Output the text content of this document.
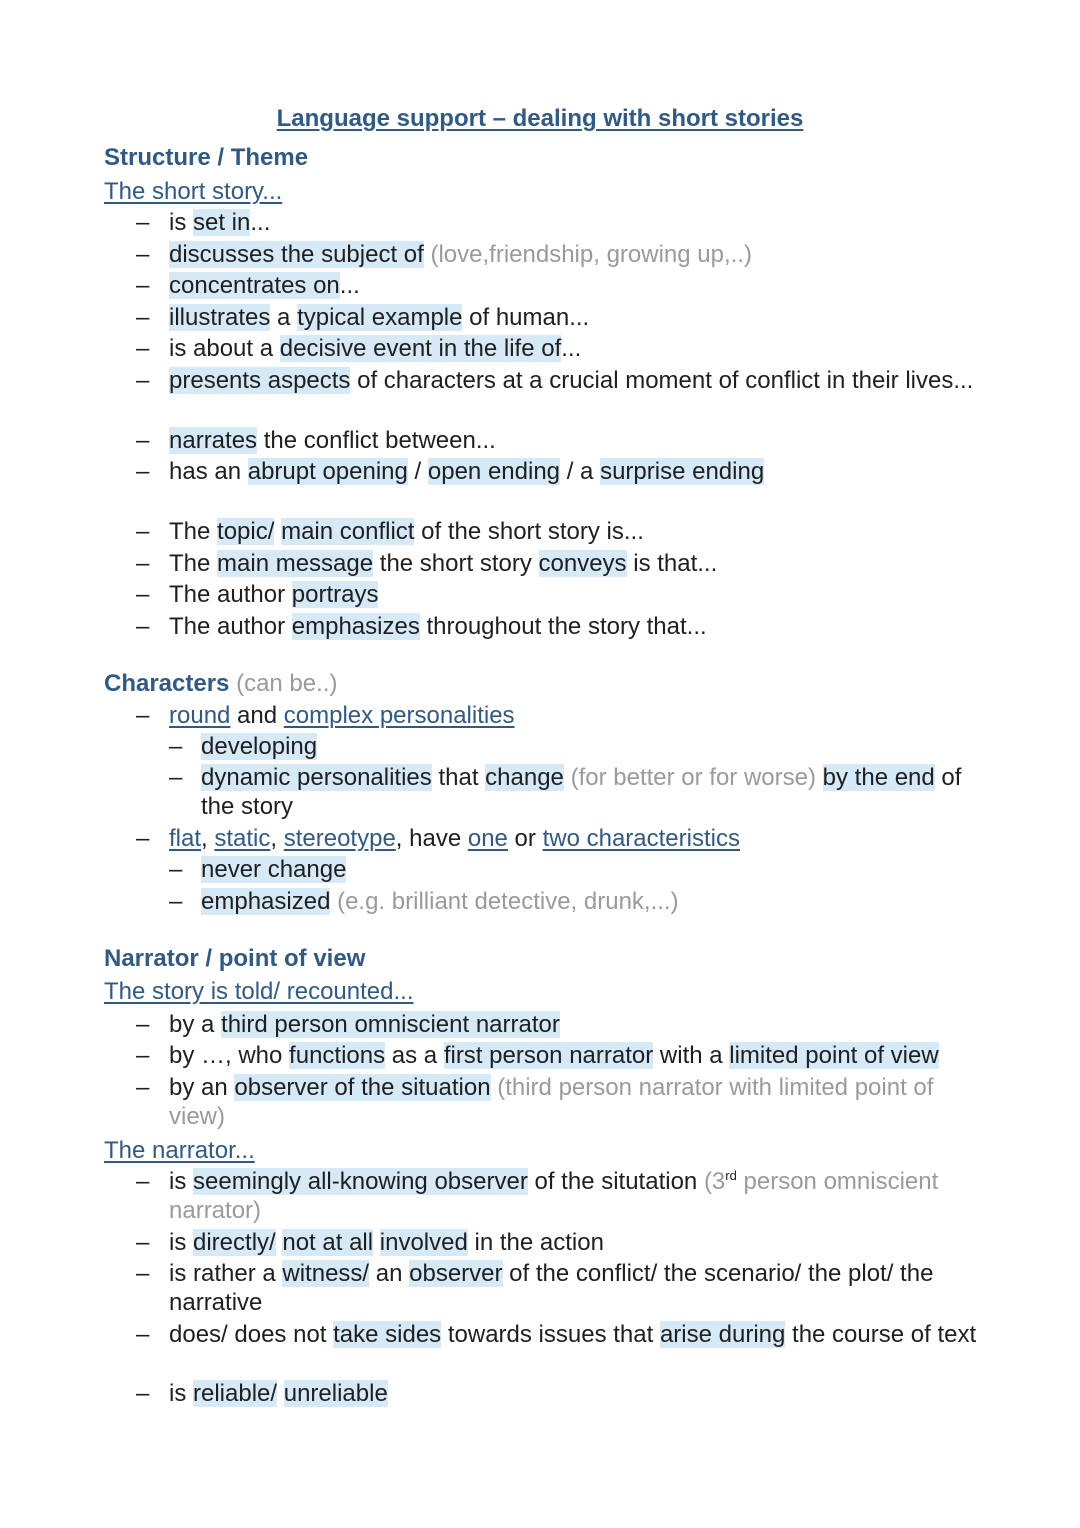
Language support – dealing with short stories
Structure / Theme
The short story...
– is set in...
– discusses the subject of (love,friendship, growing up,..)
– concentrates on...
– illustrates a typical example of human...
– is about a decisive event in the life of...
– presents aspects of characters at a crucial moment of conflict in their lives...
– narrates the conflict between...
– has an abrupt opening / open ending / a surprise ending
– The topic/ main conflict of the short story is...
– The main message the short story conveys is that...
– The author portrays
– The author emphasizes throughout the story that...
Characters (can be..)
– round and complex personalities
– developing
– dynamic personalities that change (for better or for worse) by the end of the story
– flat, static, stereotype, have one or two characteristics
– never change
– emphasized (e.g. brilliant detective, drunk,...)
Narrator / point of view
The story is told/ recounted...
– by a third person omniscient narrator
– by …, who functions as a first person narrator with a limited point of view
– by an observer of the situation (third person narrator with limited point of view)
The narrator...
– is seemingly all-knowing observer of the situtation (3rd person omniscient narrator)
– is directly/ not at all involved in the action
– is rather a witness/ an observer of the conflict/ the scenario/ the plot/ the narrative
– does/ does not take sides towards issues that arise during the course of text
– is reliable/ unreliable
